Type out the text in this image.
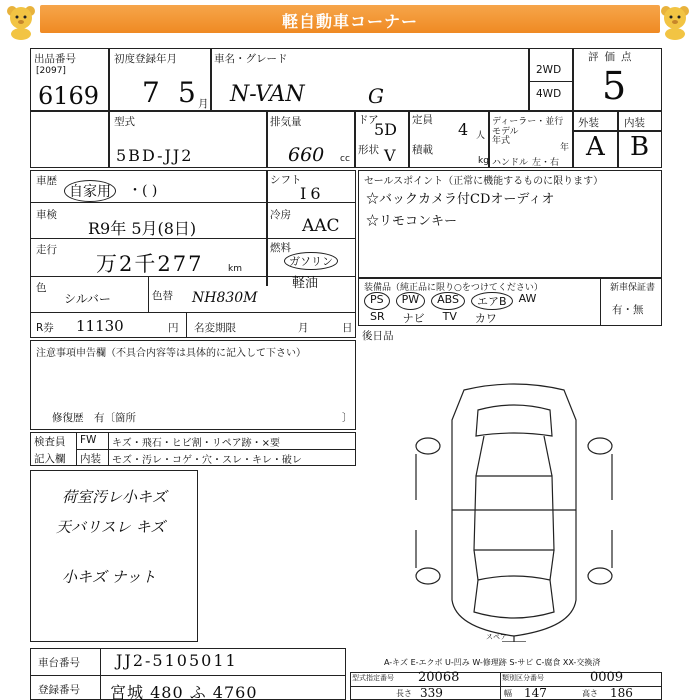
軽自動車コーナー
出品番号
[2097]
6169
初度登録年月
7 5 月
車名・グレード
N-VAN	G
2WD
4WD
評価点
5
型式
5BD-JJ2
排気量
660 cc
ドア
5D
形状 V
定員 4 人
積載
kg
ディーラー・並行
モデル年式
年
ハンドル 左・右
外装 内装
A B
車歴
自家用	・( )
シフト
I6
車検
R9年 5月(8日)
冷房
AAC
走行
万2千277	km
燃料
ガソリン
軽油
色
シルバー	色替 NH830M
R券 11130	円 名変期限	月	日
セールスポイント（正常に機能するものに限ります）
☆バックカメラ付CDオーディオ
☆リモコンキー
装備品（純正品に限り○をつけてください）	新車保証書
PS	PW	ABS	エアB	AW
SR ナビ TV カワ
有・無
後日品
注意事項申告欄（不具合内容等は具体的に記入して下さい）
修復歴　有〔箇所	〕
検査員
記入欄
FW
内装
キズ・飛石・ヒビ割・リペア跡・×要
モズ・汚レ・コゲ・穴・スレ・キレ・破レ
荷室汚レ小キズ
天バリスレ キズ
小キズ ナット
車台番号 JJ2-5105011
登録番号 宮城 480 ふ 4760
型式指定番号 20068	類別区分番号	0009
長さ 339	幅 147	高さ 186
スペア
A-キズ E-エクボ U-凹み W-修理跡 S-サビ C-腐食 XX-交換済
